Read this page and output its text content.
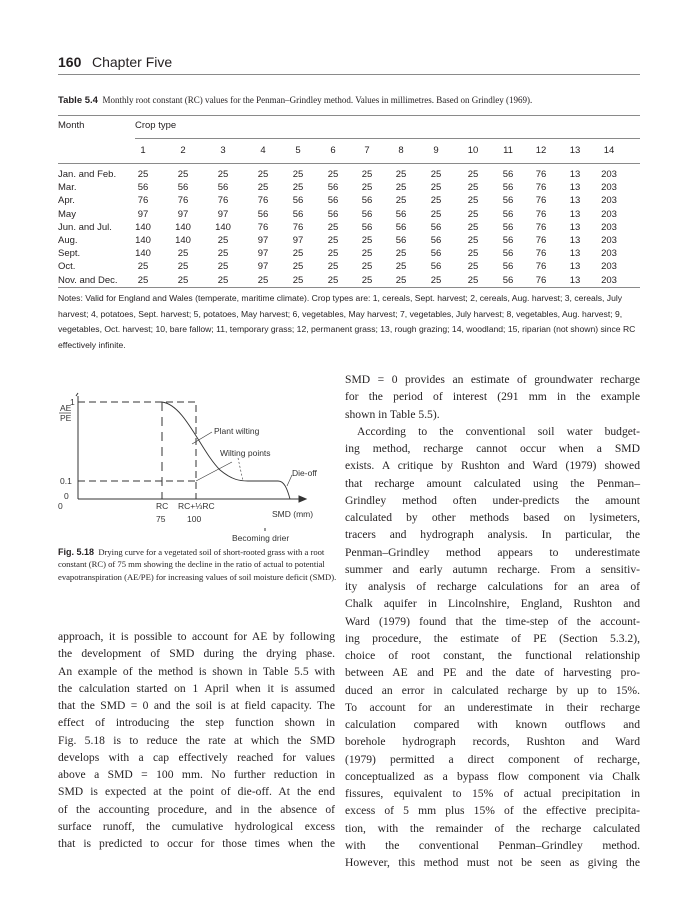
160 Chapter Five
Table 5.4 Monthly root constant (RC) values for the Penman–Grindley method. Values in millimetres. Based on Grindley (1969).
Month	Crop type
1	2	3	4	5	6	7	8	9	10	11	12	13	14
Jan. and Feb.	25	25	25	25	25	25	25	25	25	25	56	76	13	203
Mar.	56	56	56	25	25	56	25	25	25	25	56	76	13	203
Apr.	76	76	76	76	56	56	56	25	25	25	56	76	13	203
May	97	97	97	56	56	56	56	56	25	25	56	76	13	203
Jun. and Jul.	140	140	140	76	76	25	56	56	56	25	56	76	13	203
Aug.	140	140	25	97	97	25	25	56	56	25	56	76	13	203
Sept.	140	25	25	97	25	25	25	25	56	25	56	76	13	203
Oct.	25	25	25	97	25	25	25	25	56	25	56	76	13	203
Nov. and Dec.	25	25	25	25	25	25	25	25	25	25	56	76	13	203
Notes: Valid for England and Wales (temperate, maritime climate). Crop types are: 1, cereals, Sept. harvest; 2, cereals, Aug. harvest; 3, cereals, July harvest; 4, potatoes, Sept. harvest; 5, potatoes, May harvest; 6, vegetables, May harvest; 7, vegetables, July harvest; 8, vegetables, Aug. harvest; 9, vegetables, Oct. harvest; 10, bare fallow; 11, temporary grass; 12, permanent grass; 13, rough grazing; 14, woodland; 15, riparian (not shown) since RC effectively infinite.
AE
PE
1
0.1
0
0	RC RC+⅓RC
75	100	SMD (mm)
Becoming drier
Plant wilting
Wilting points
Die-off
Fig. 5.18 Drying curve for a vegetated soil of short-rooted grass with a root constant (RC) of 75 mm showing the decline in the ratio of actual to potential evapotranspiration (AE/PE) for increasing values of soil moisture deficit (SMD).
approach, it is possible to account for AE by following
the development of SMD during the drying phase.
An example of the method is shown in Table 5.5 with
the calculation started on 1 April when it is assumed
that the SMD = 0 and the soil is at field capacity. The
effect of introducing the step function shown in
Fig. 5.18 is to reduce the rate at which the SMD
develops with a cap effectively reached for values
above a SMD = 100 mm. No further reduction in
SMD is expected at the point of die-off. At the end
of the accounting procedure, and in the absence of
surface runoff, the cumulative hydrological excess
that is predicted to occur for those times when the
SMD = 0 provides an estimate of groundwater recharge
for the period of interest (291 mm in the example
shown in Table 5.5).
According to the conventional soil water budget-
ing method, recharge cannot occur when a SMD
exists. A critique by Rushton and Ward (1979) showed
that recharge amount calculated using the Penman–
Grindley method often under-predicts the amount
calculated by other methods based on lysimeters,
tracers and hydrograph analysis. In particular, the
Penman–Grindley method appears to underestimate
summer and early autumn recharge. From a sensitiv-
ity analysis of recharge calculations for an area of
Chalk aquifer in Lincolnshire, England, Rushton and
Ward (1979) found that the time-step of the account-
ing procedure, the estimate of PE (Section 5.3.2),
choice of root constant, the functional relationship
between AE and PE and the date of harvesting pro-
duced an error in calculated recharge by up to 15%.
To account for an underestimate in their recharge
calculation compared with known outflows and
borehole hydrograph records, Rushton and Ward
(1979) permitted a direct component of recharge,
conceptualized as a bypass flow component via Chalk
fissures, equivalent to 15% of actual precipitation in
excess of 5 mm plus 15% of the effective precipita-
tion, with the remainder of the recharge calculated
with the conventional Penman–Grindley method.
However, this method must not be seen as giving the
